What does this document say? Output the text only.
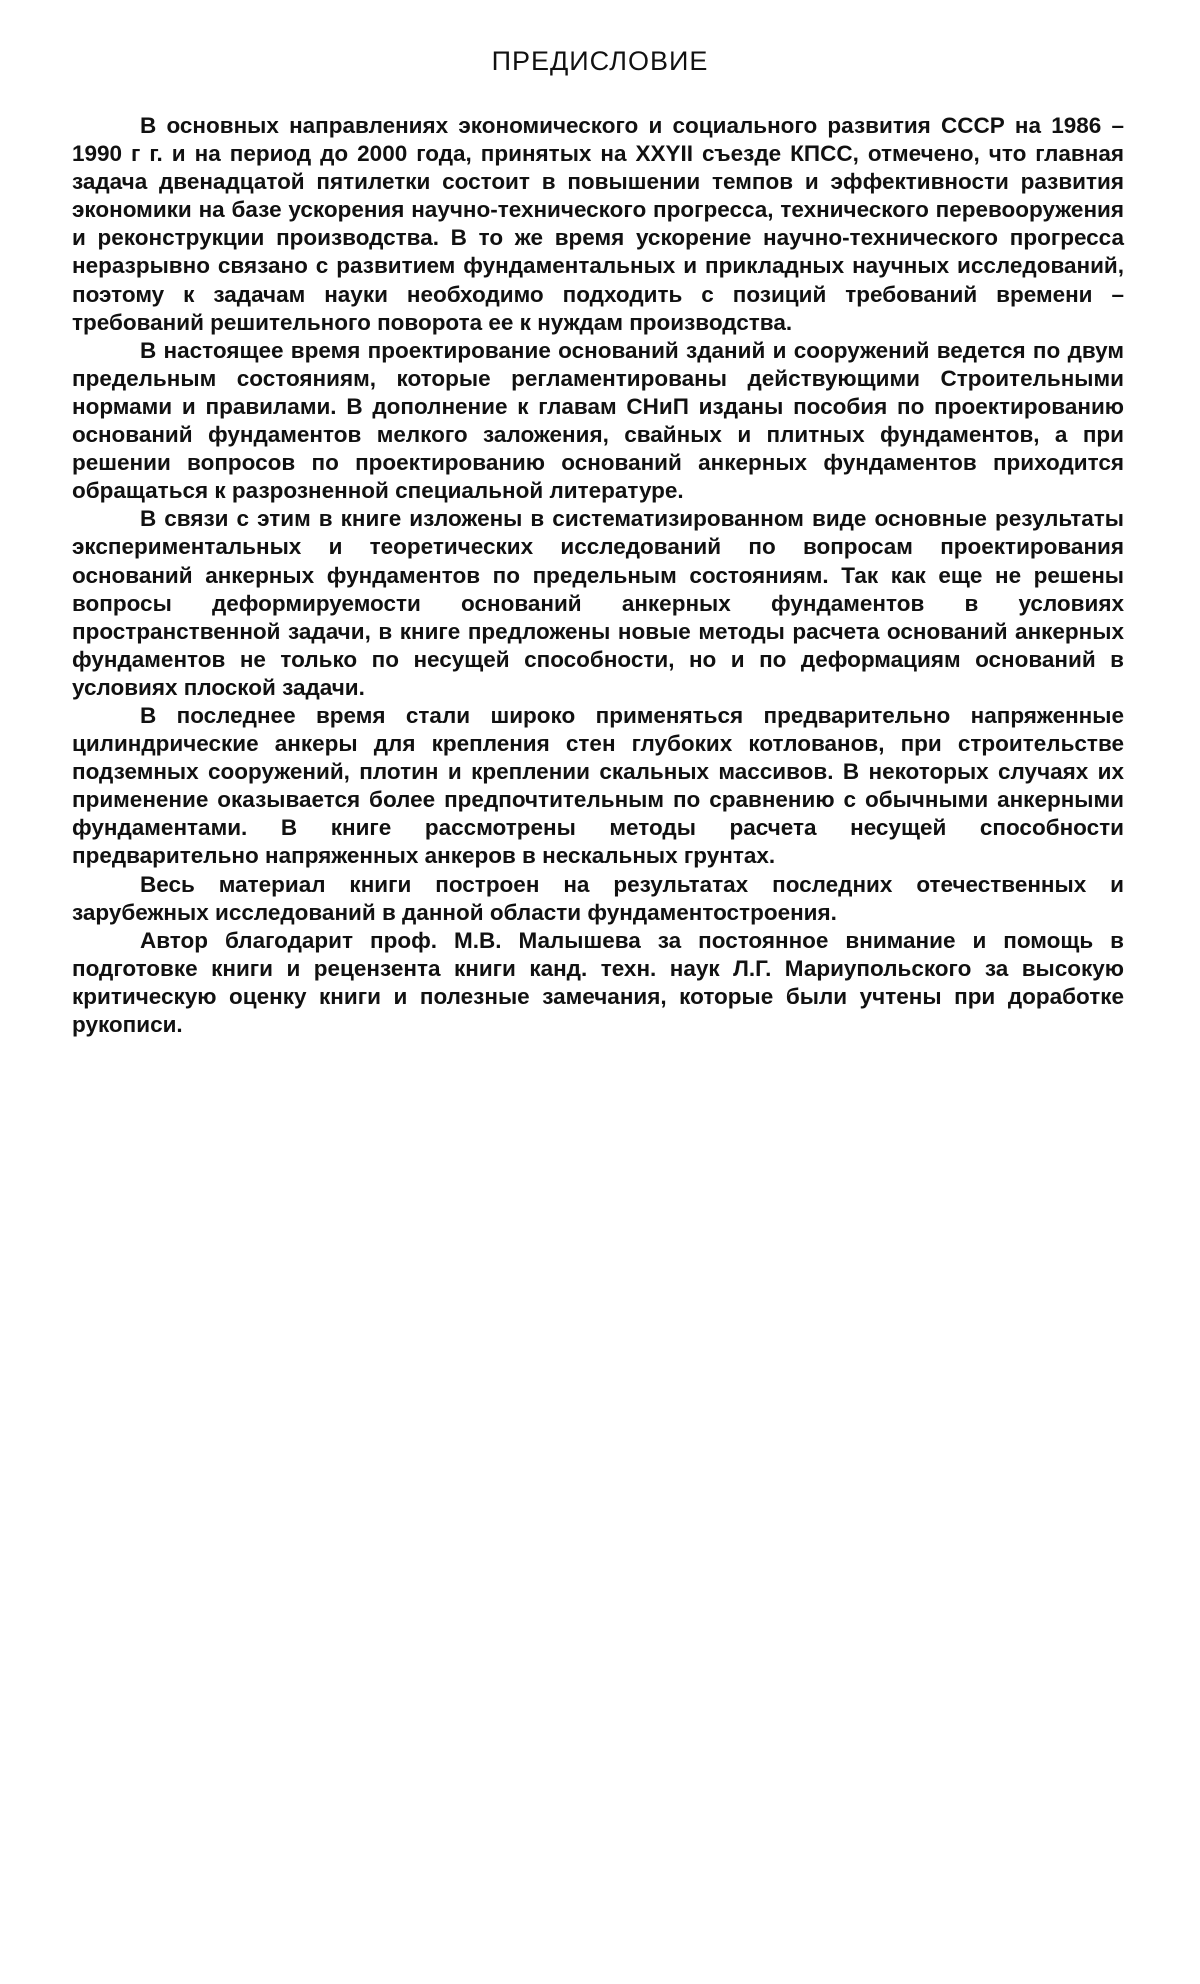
ПРЕДИСЛОВИЕ

В основных направлениях экономического и социального развития СССР на 1986 – 1990 г г. и на период до 2000 года, принятых на XXYII съезде КПСС, отмечено, что главная задача двенадцатой пятилетки состоит в повышении темпов и эффективности развития экономики на базе ускорения научно-технического прогресса, технического перевооружения и реконструкции производства. В то же время ускорение научно-технического прогресса неразрывно связано с развитием фундаментальных и прикладных научных исследований, поэтому к задачам науки необходимо подходить с позиций требований времени – требований решительного поворота ее к нуждам производства.

В настоящее время проектирование оснований зданий и сооружений ведется по двум предельным состояниям, которые регламентированы действующими Строительными нормами и правилами. В дополнение к главам СНиП изданы пособия по проектированию оснований фундаментов мелкого заложения, свайных и плитных фундаментов, а при решении вопросов по проектированию оснований анкерных фундаментов приходится обращаться к разрозненной специальной литературе.

В связи с этим в книге изложены в систематизированном виде основные результаты экспериментальных и теоретических исследований по вопросам проектирования оснований анкерных фундаментов по предельным состояниям. Так как еще не решены вопросы деформируемости оснований анкерных фундаментов в условиях пространственной задачи, в книге предложены новые методы расчета оснований анкерных фундаментов не только по несущей способности, но и по деформациям оснований в условиях плоской задачи.

В последнее время стали широко применяться предварительно напряженные цилиндрические анкеры для крепления стен глубоких котлованов, при строительстве подземных сооружений, плотин и креплении скальных массивов. В некоторых случаях их применение оказывается более предпочтительным по сравнению с обычными анкерными фундаментами. В книге рассмотрены методы расчета несущей способности предварительно напряженных анкеров в нескальных грунтах.

Весь материал книги построен на результатах последних отечественных и зарубежных исследований в данной области фундаментостроения.

Автор благодарит проф. М.В. Малышева за постоянное внимание и помощь в подготовке книги и рецензента книги канд. техн. наук Л.Г. Мариупольского за высокую критическую оценку книги и полезные замечания, которые были учтены при доработке рукописи.
